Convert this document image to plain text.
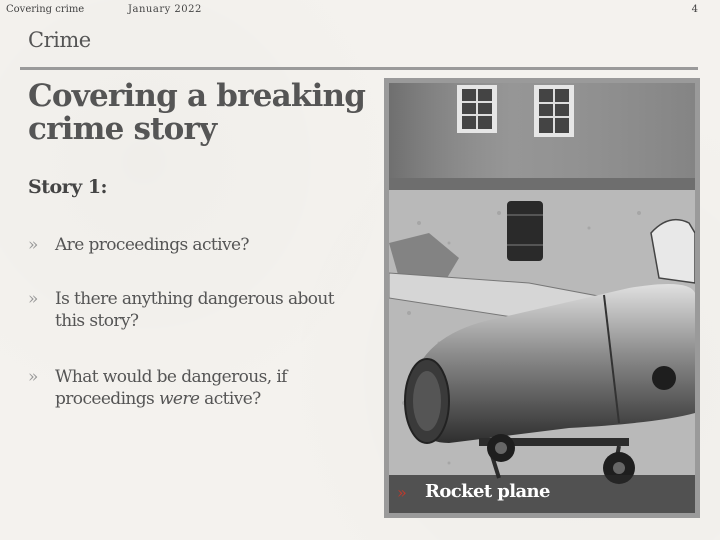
Covering crime	January 2022	4
Crime
Covering a breaking crime story
Story 1:
» Are proceedings active?
» Is there anything dangerous about this story?
» What would be dangerous, if proceedings were active?
» Rocket plane
